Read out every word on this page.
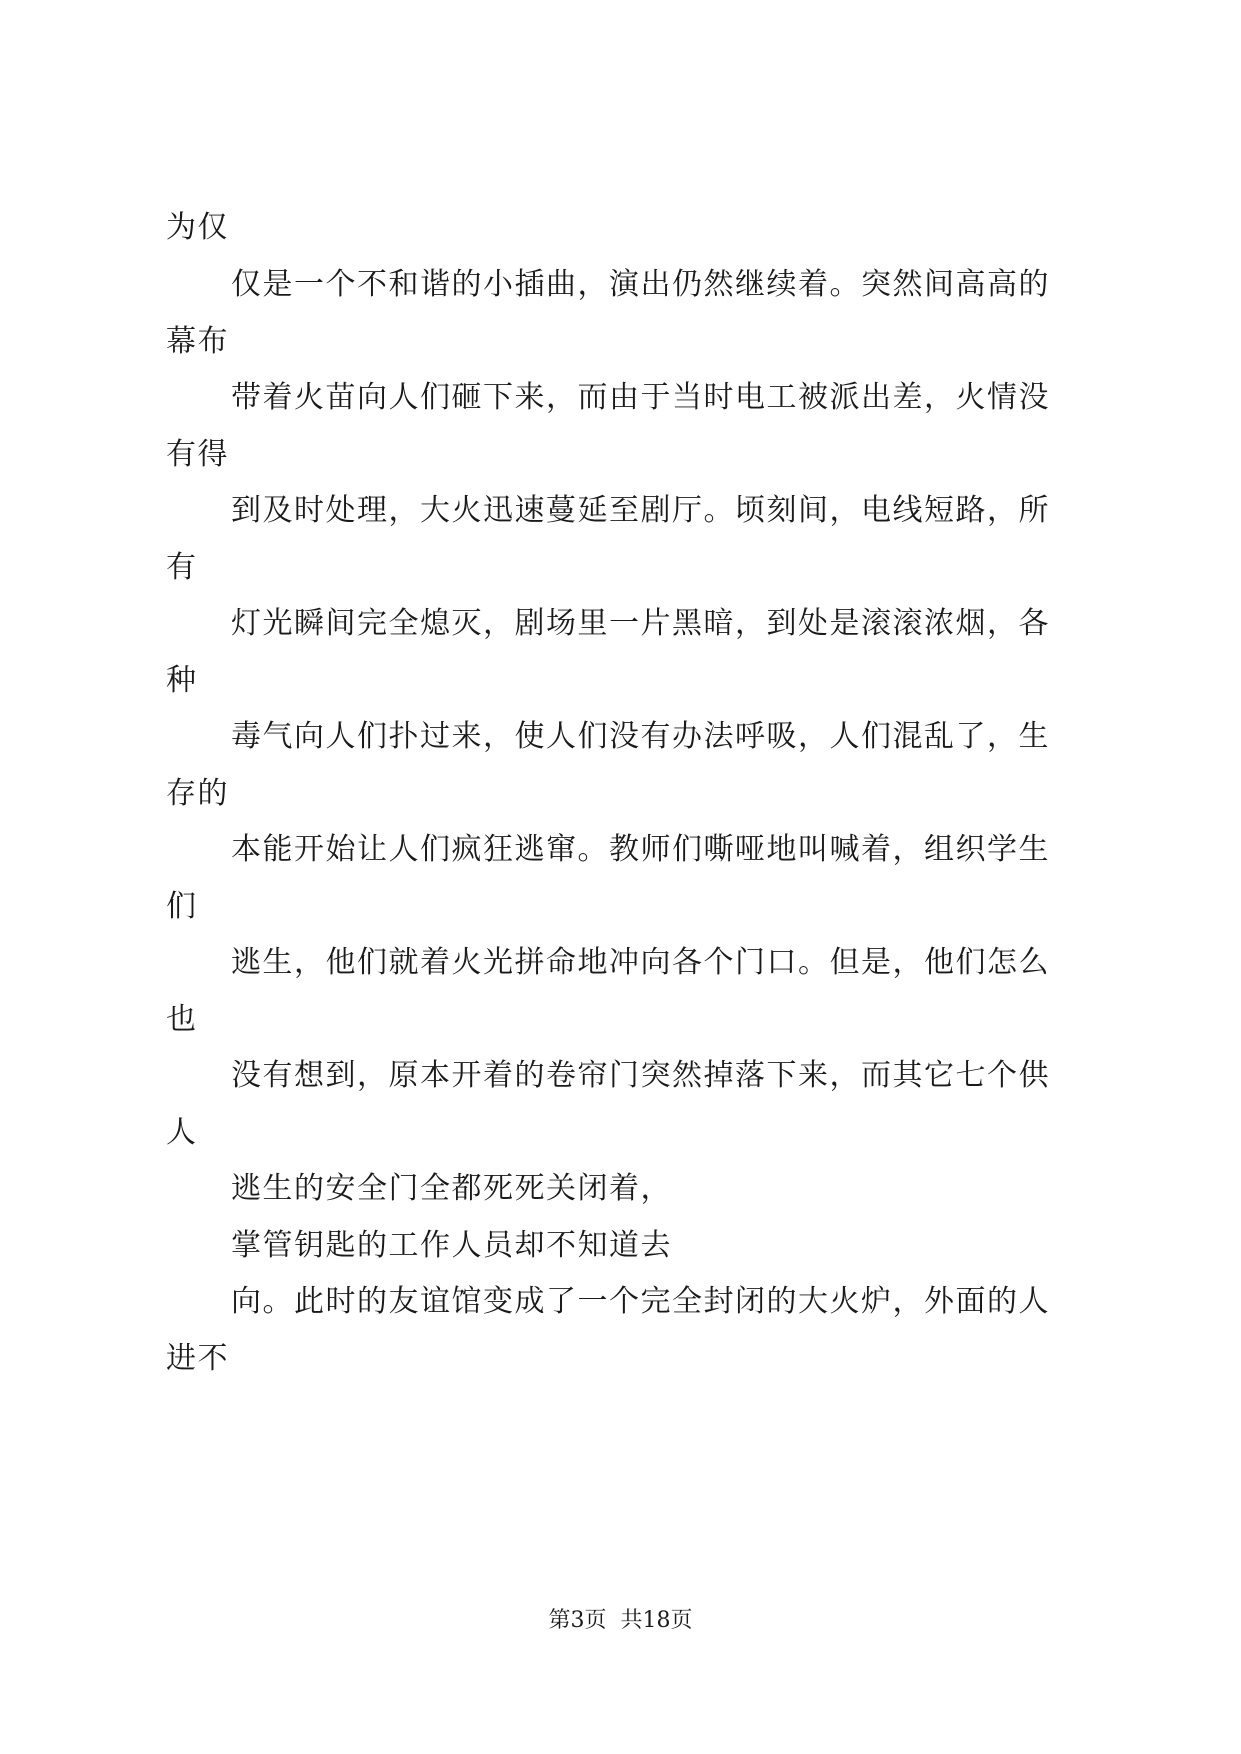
为仅
仅是一个不和谐的小插曲，演出仍然继续着。突然间高高的
幕布
带着火苗向人们砸下来，而由于当时电工被派出差，火情没
有得
到及时处理，大火迅速蔓延至剧厅。顷刻间，电线短路，所
有
灯光瞬间完全熄灭，剧场里一片黑暗，到处是滚滚浓烟，各
种
毒气向人们扑过来，使人们没有办法呼吸，人们混乱了，生
存的
本能开始让人们疯狂逃窜。教师们嘶哑地叫喊着，组织学生
们
逃生，他们就着火光拼命地冲向各个门口。但是，他们怎么
也
没有想到，原本开着的卷帘门突然掉落下来，而其它七个供
人
逃生的安全门全都死死关闭着，
掌管钥匙的工作人员却不知道去
向。此时的友谊馆变成了一个完全封闭的大火炉，外面的人
进不
第3页 共18页
